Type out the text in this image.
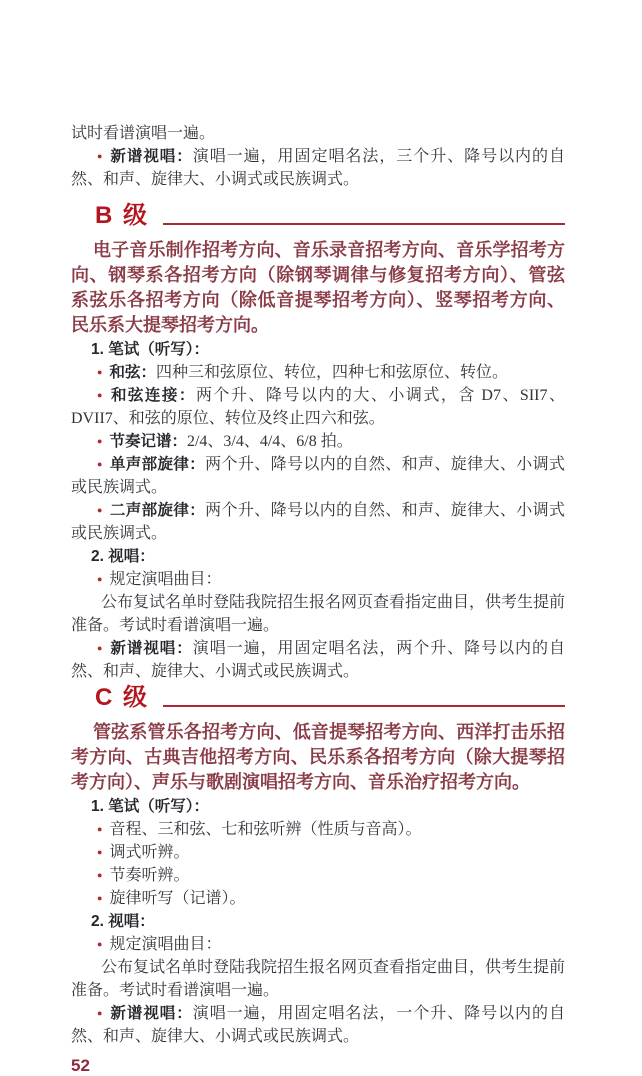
试时看谱演唱一遍。

● 新谱视唱：演唱一遍，用固定唱名法，三个升、降号以内的自然、和声、旋律大、小调式或民族调式。

B 级

电子音乐制作招考方向、音乐录音招考方向、音乐学招考方向、钢琴系各招考方向（除钢琴调律与修复招考方向）、管弦系弦乐各招考方向（除低音提琴招考方向）、竖琴招考方向、民乐系大提琴招考方向。

1. 笔试（听写）：

● 和弦：四种三和弦原位、转位，四种七和弦原位、转位。

● 和弦连接：两个升、降号以内的大、小调式，含 D7、SII7、DVII7、和弦的原位、转位及终止四六和弦。

● 节奏记谱：2/4、3/4、4/4、6/8 拍。

● 单声部旋律：两个升、降号以内的自然、和声、旋律大、小调式或民族调式。

● 二声部旋律：两个升、降号以内的自然、和声、旋律大、小调式或民族调式。

2. 视唱：

● 规定演唱曲目：

公布复试名单时登陆我院招生报名网页查看指定曲目，供考生提前准备。考试时看谱演唱一遍。

● 新谱视唱：演唱一遍，用固定唱名法，两个升、降号以内的自然、和声、旋律大、小调式或民族调式。

C 级

管弦系管乐各招考方向、低音提琴招考方向、西洋打击乐招考方向、古典吉他招考方向、民乐系各招考方向（除大提琴招考方向）、声乐与歌剧演唱招考方向、音乐治疗招考方向。

1. 笔试（听写）：

● 音程、三和弦、七和弦听辨（性质与音高）。

● 调式听辨。

● 节奏听辨。

● 旋律听写（记谱）。

2. 视唱：

● 规定演唱曲目：

公布复试名单时登陆我院招生报名网页查看指定曲目，供考生提前准备。考试时看谱演唱一遍。

● 新谱视唱：演唱一遍，用固定唱名法，一个升、降号以内的自然、和声、旋律大、小调式或民族调式。

52
